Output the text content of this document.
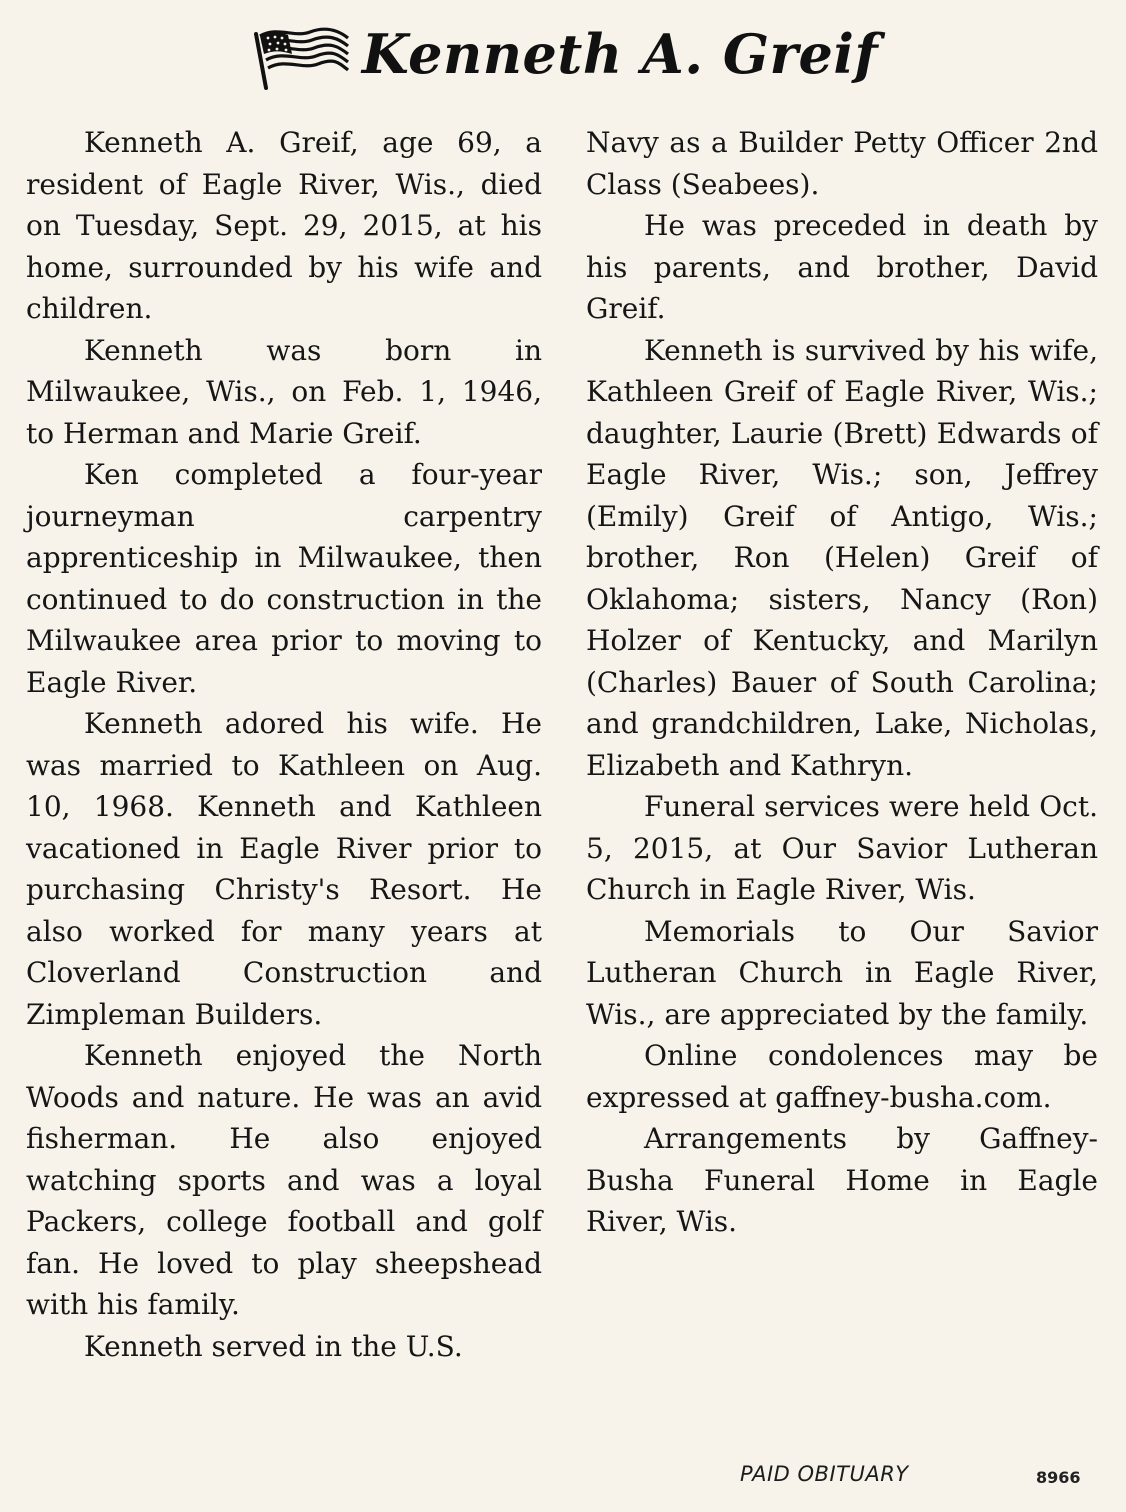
Kenneth A. Greif

Kenneth A. Greif, age 69, a resident of Eagle River, Wis., died on Tuesday, Sept. 29, 2015, at his home, surrounded by his wife and children.

Kenneth was born in Milwaukee, Wis., on Feb. 1, 1946, to Herman and Marie Greif.

Ken completed a four-year journeyman carpentry apprenticeship in Milwaukee, then continued to do construction in the Milwaukee area prior to moving to Eagle River.

Kenneth adored his wife. He was married to Kathleen on Aug. 10, 1968. Kenneth and Kathleen vacationed in Eagle River prior to purchasing Christy's Resort. He also worked for many years at Cloverland Construction and Zimpleman Builders.

Kenneth enjoyed the North Woods and nature. He was an avid fisherman. He also enjoyed watching sports and was a loyal Packers, college football and golf fan. He loved to play sheepshead with his family.

Kenneth served in the U.S.

Navy as a Builder Petty Officer 2nd Class (Seabees).

He was preceded in death by his parents, and brother, David Greif.

Kenneth is survived by his wife, Kathleen Greif of Eagle River, Wis.; daughter, Laurie (Brett) Edwards of Eagle River, Wis.; son, Jeffrey (Emily) Greif of Antigo, Wis.; brother, Ron (Helen) Greif of Oklahoma; sisters, Nancy (Ron) Holzer of Kentucky, and Marilyn (Charles) Bauer of South Carolina; and grandchildren, Lake, Nicholas, Elizabeth and Kathryn.

Funeral services were held Oct. 5, 2015, at Our Savior Lutheran Church in Eagle River, Wis.

Memorials to Our Savior Lutheran Church in Eagle River, Wis., are appreciated by the family.

Online condolences may be expressed at gaffney-busha.com.

Arrangements by Gaffney-Busha Funeral Home in Eagle River, Wis.

PAID OBITUARY	8966
